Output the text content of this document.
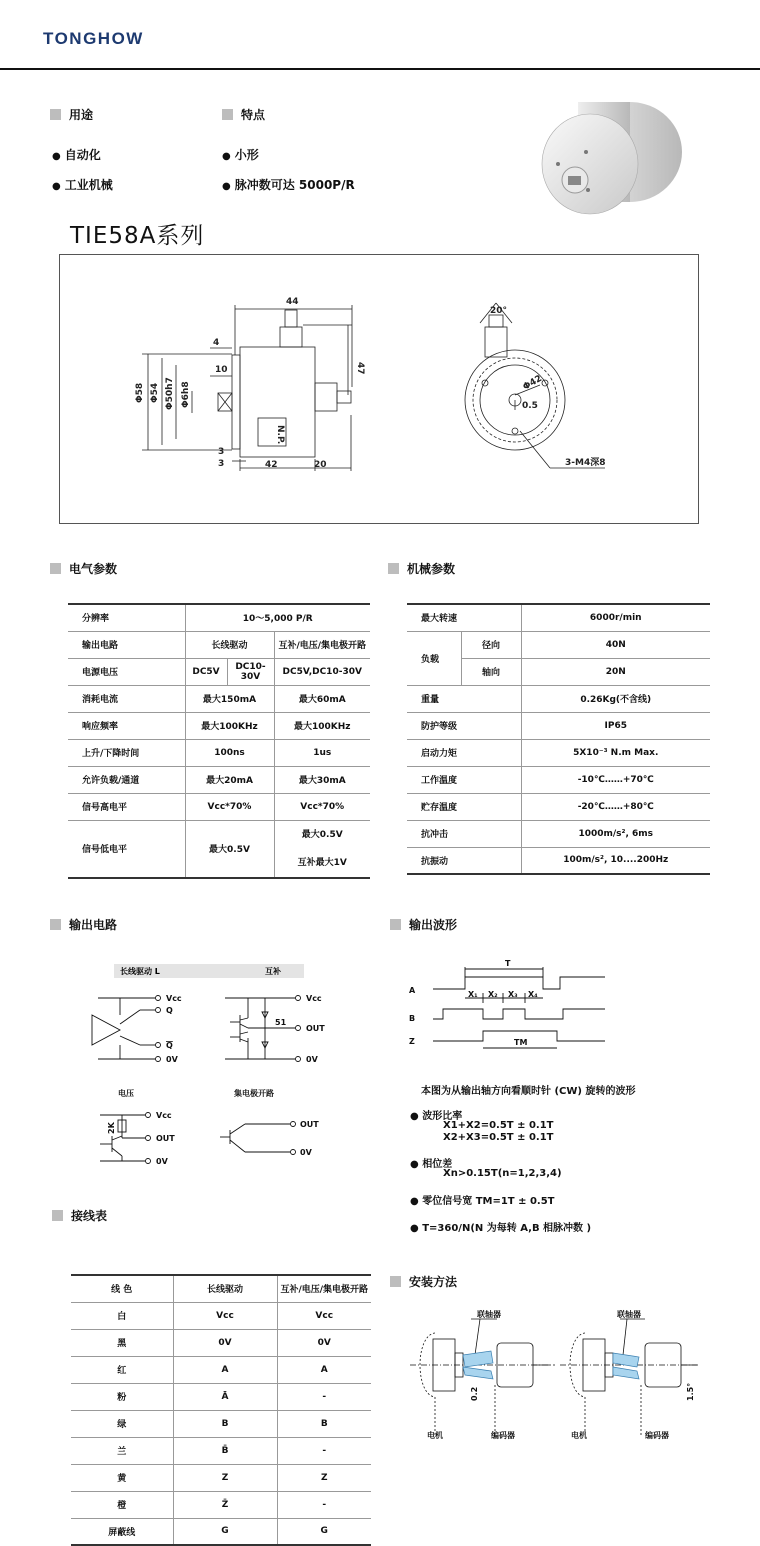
TONGHOW
用途	特点
● 自动化
● 工业机械
● 小形
● 脉冲数可达 5000P/R
TIE58A系列
44
4
10	47
Φ58 Φ54 Φ50h7 Φ6h8
3
3	42	20
N.P.
20°
Φ42
0.5
3-M4深8
电气参数
分辨率	10～5,000 P/R		
输出电路	长线驱动		互补/电压/集电极开路
电源电压	DC5V	DC10-30V	DC5V,DC10-30V
消耗电流	最大150mA		最大60mA
响应频率	最大100KHz		最大100KHz
上升/下降时间	100ns		1us
允许负载/通道	最大20mA		最大30mA
信号高电平	Vcc*70%		Vcc*70%
信号低电平	最大0.5V		最大0.5V
互补最大1V
机械参数
最大转速		6000r/min
负载	径向	40N
	轴向	20N
重量		0.26Kg(不含线)
防护等级		IP65
启动力矩		5X10⁻³ N.m Max.
工作温度		-10℃……+70℃
贮存温度		-20℃……+80℃
抗冲击		1000m/s², 6ms
抗振动		100m/s², 10....200Hz
输出电路
长线驱动 L	互补
Vcc
Q
Q
0V
Vcc
OUT
0V
51
电压	集电极开路
Vcc
OUT
0V
2K	OUT
0V
输出波形
T
A
B
Z
X₁ X₂ X₃ X₄
TM
本图为从输出轴方向看顺时针 (CW) 旋转的波形
● 波形比率
X1+X2=0.5T ± 0.1T
X2+X3=0.5T ± 0.1T
● 相位差
Xn>0.15T(n=1,2,3,4)
● 零位信号宽 TM=1T ± 0.5T
● T=360/N(N 为每转 A,B 相脉冲数 )
接线表
线 色	长线驱动	互补/电压/集电极开路
白	Vcc	Vcc
黑	0V	0V
红	A	A
粉	Ā	-
绿	B	B
兰	B̄	-
黄	Z	Z
橙	Z̄	-
屏蔽线	G	G
安装方法
联轴器	联轴器
电机	编码器	电机	编码器
0.2	1.5°
